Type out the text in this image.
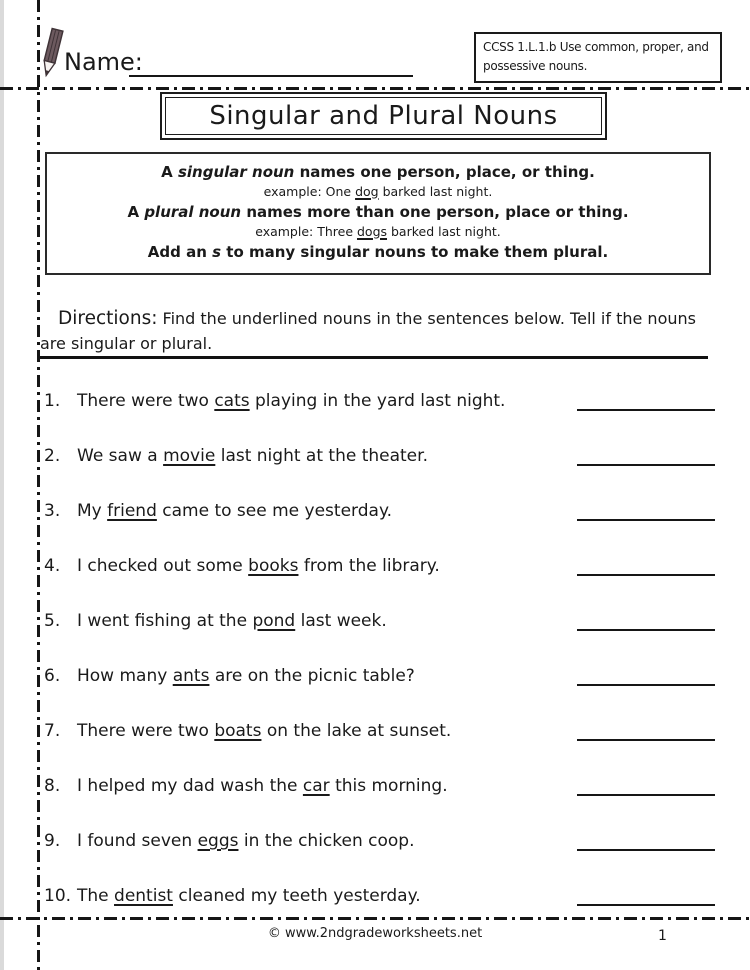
Name:
CCSS 1.L.1.b Use common, proper, and possessive nouns.
Singular and Plural Nouns
A singular noun names one person, place, or thing.
example: One dog barked last night.
A plural noun names more than one person, place or thing.
example: Three dogs barked last night.
Add an s to many singular nouns to make them plural.
Directions: Find the underlined nouns in the sentences below. Tell if the nouns are singular or plural.
1. There were two cats playing in the yard last night.
2. We saw a movie last night at the theater.
3. My friend came to see me yesterday.
4. I checked out some books from the library.
5. I went fishing at the pond last week.
6. How many ants are on the picnic table?
7. There were two boats on the lake at sunset.
8. I helped my dad wash the car this morning.
9. I found seven eggs in the chicken coop.
10. The dentist cleaned my teeth yesterday.
© www.2ndgradeworksheets.net	1
